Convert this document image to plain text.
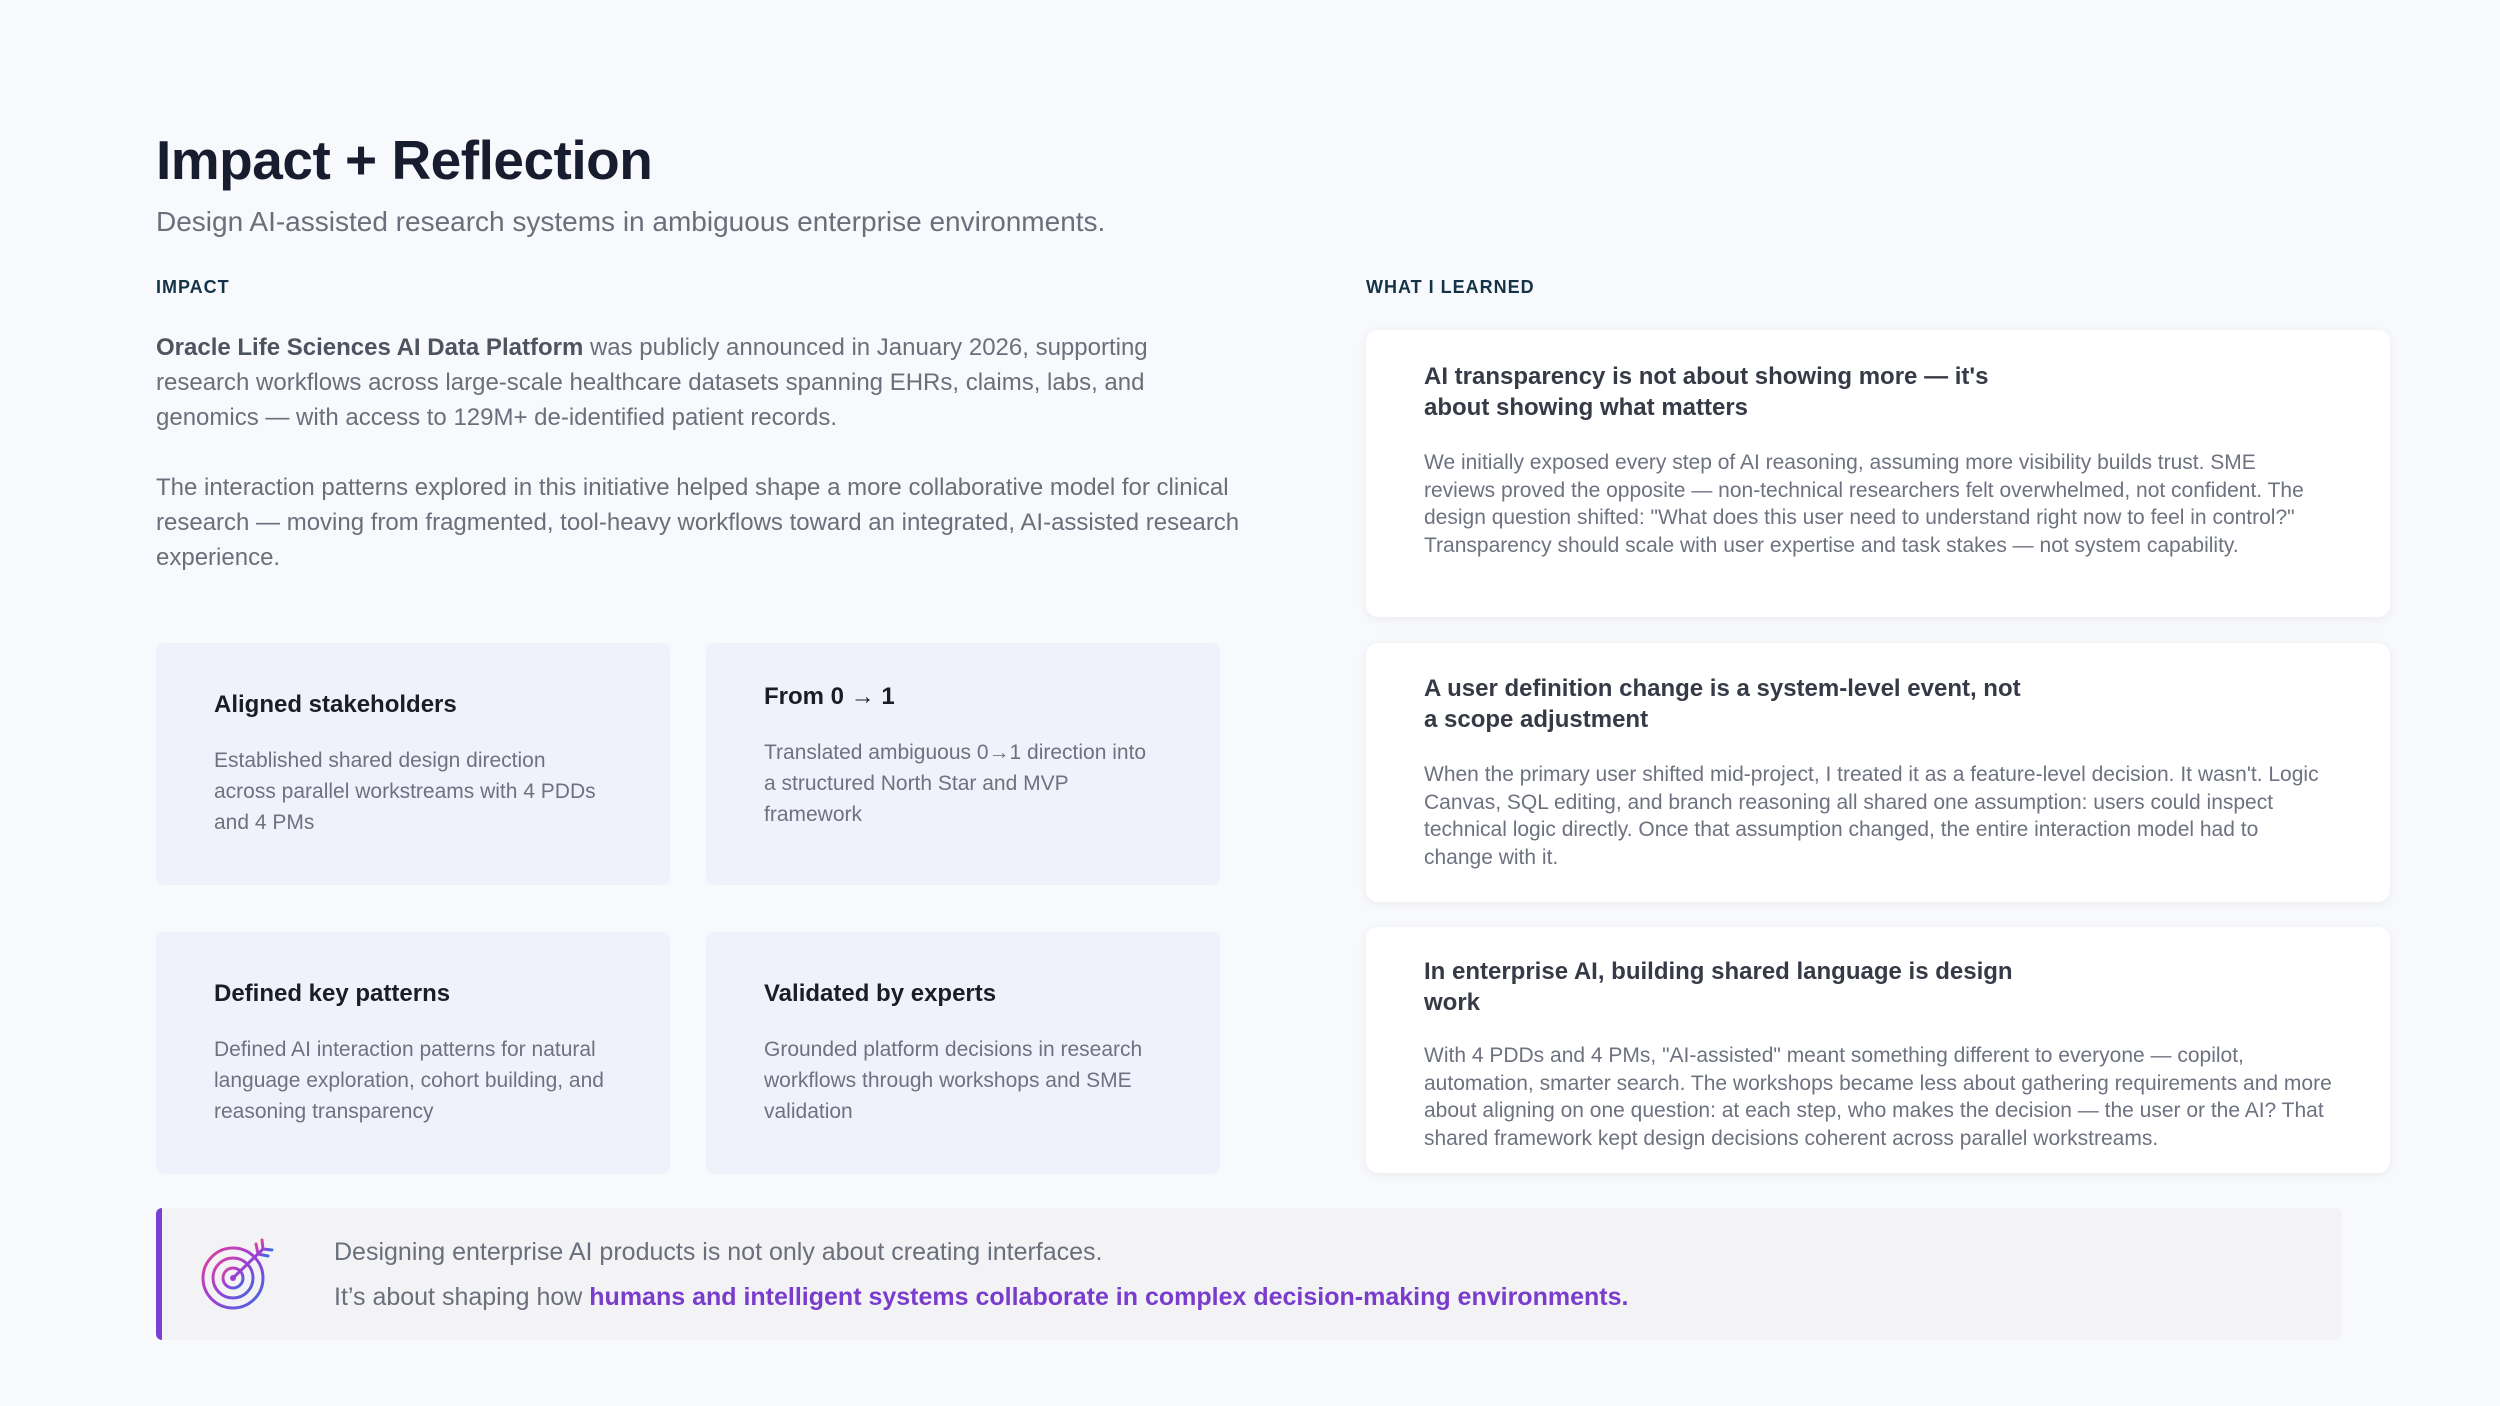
Impact + Reflection

Design AI-assisted research systems in ambiguous enterprise environments.

IMPACT	WHAT I LEARNED

Oracle Life Sciences AI Data Platform was publicly announced in January 2026, supporting research workflows across large-scale healthcare datasets spanning EHRs, claims, labs, and genomics — with access to 129M+ de-identified patient records.

The interaction patterns explored in this initiative helped shape a more collaborative model for clinical research — moving from fragmented, tool-heavy workflows toward an integrated, AI-assisted research experience.

Aligned stakeholders
Established shared design direction across parallel workstreams with 4 PDDs and 4 PMs
From 0 → 1
Translated ambiguous 0→1 direction into a structured North Star and MVP framework
Defined key patterns
Defined AI interaction patterns for natural language exploration, cohort building, and reasoning transparency
Validated by experts
Grounded platform decisions in research workflows through workshops and SME validation
AI transparency is not about showing more — it's about showing what matters
We initially exposed every step of AI reasoning, assuming more visibility builds trust. SME reviews proved the opposite — non-technical researchers felt overwhelmed, not confident. The design question shifted: "What does this user need to understand right now to feel in control?" Transparency should scale with user expertise and task stakes — not system capability.
A user definition change is a system-level event, not a scope adjustment
When the primary user shifted mid-project, I treated it as a feature-level decision. It wasn't. Logic Canvas, SQL editing, and branch reasoning all shared one assumption: users could inspect technical logic directly. Once that assumption changed, the entire interaction model had to change with it.
In enterprise AI, building shared language is design work
With 4 PDDs and 4 PMs, "AI-assisted" meant something different to everyone — copilot, automation, smarter search. The workshops became less about gathering requirements and more about aligning on one question: at each step, who makes the decision — the user or the AI? That shared framework kept design decisions coherent across parallel workstreams.
Designing enterprise AI products is not only about creating interfaces.
It’s about shaping how humans and intelligent systems collaborate in complex decision-making environments.
